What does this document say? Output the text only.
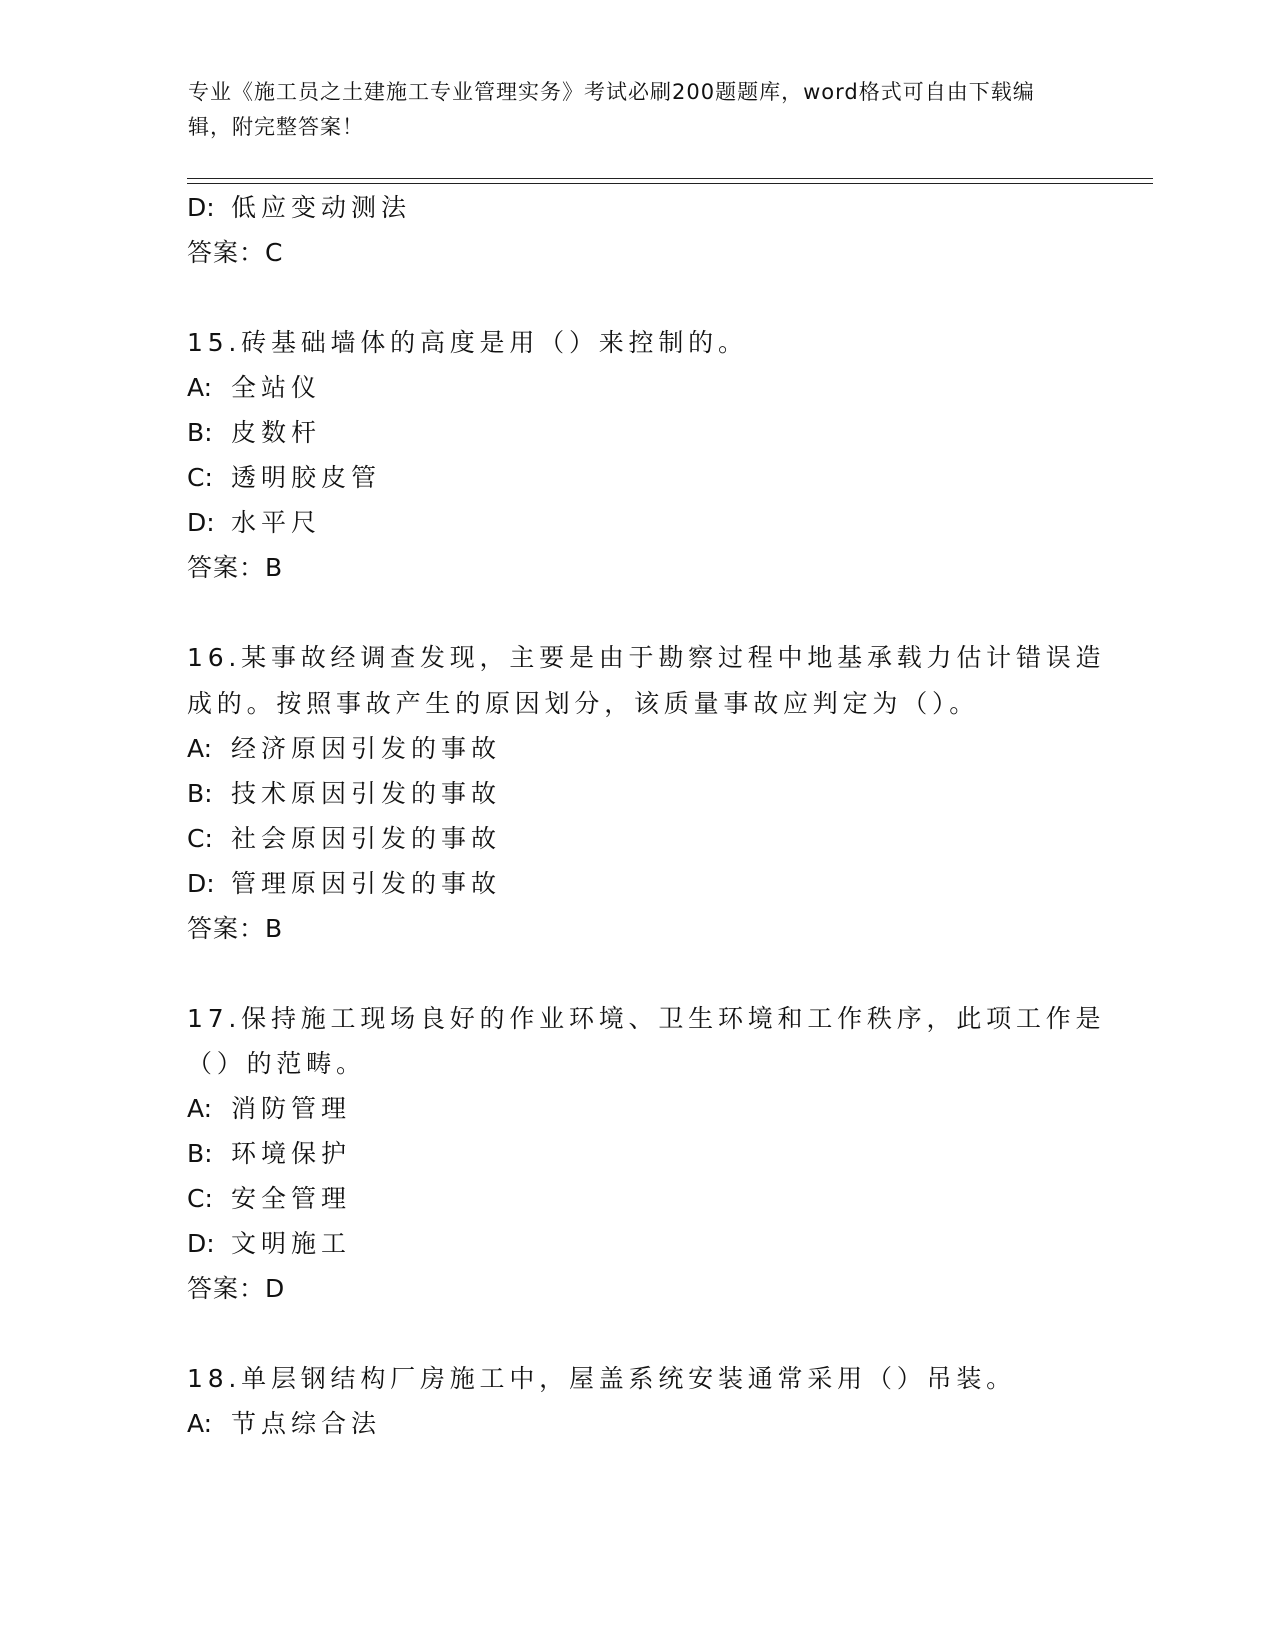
专业《施工员之土建施工专业管理实务》考试必刷200题题库，word格式可自由下载编辑，附完整答案！
D: 低应变动测法
答案：C
15.砖基础墙体的高度是用（）来控制的。
A: 全站仪
B: 皮数杆
C: 透明胶皮管
D: 水平尺
答案：B
16.某事故经调查发现，主要是由于勘察过程中地基承载力估计错误造
成的。按照事故产生的原因划分，该质量事故应判定为（）。
A: 经济原因引发的事故
B: 技术原因引发的事故
C: 社会原因引发的事故
D: 管理原因引发的事故
答案：B
17.保持施工现场良好的作业环境、卫生环境和工作秩序，此项工作是
（）的范畴。
A: 消防管理
B: 环境保护
C: 安全管理
D: 文明施工
答案：D
18.单层钢结构厂房施工中，屋盖系统安装通常采用（）吊装。
A: 节点综合法
